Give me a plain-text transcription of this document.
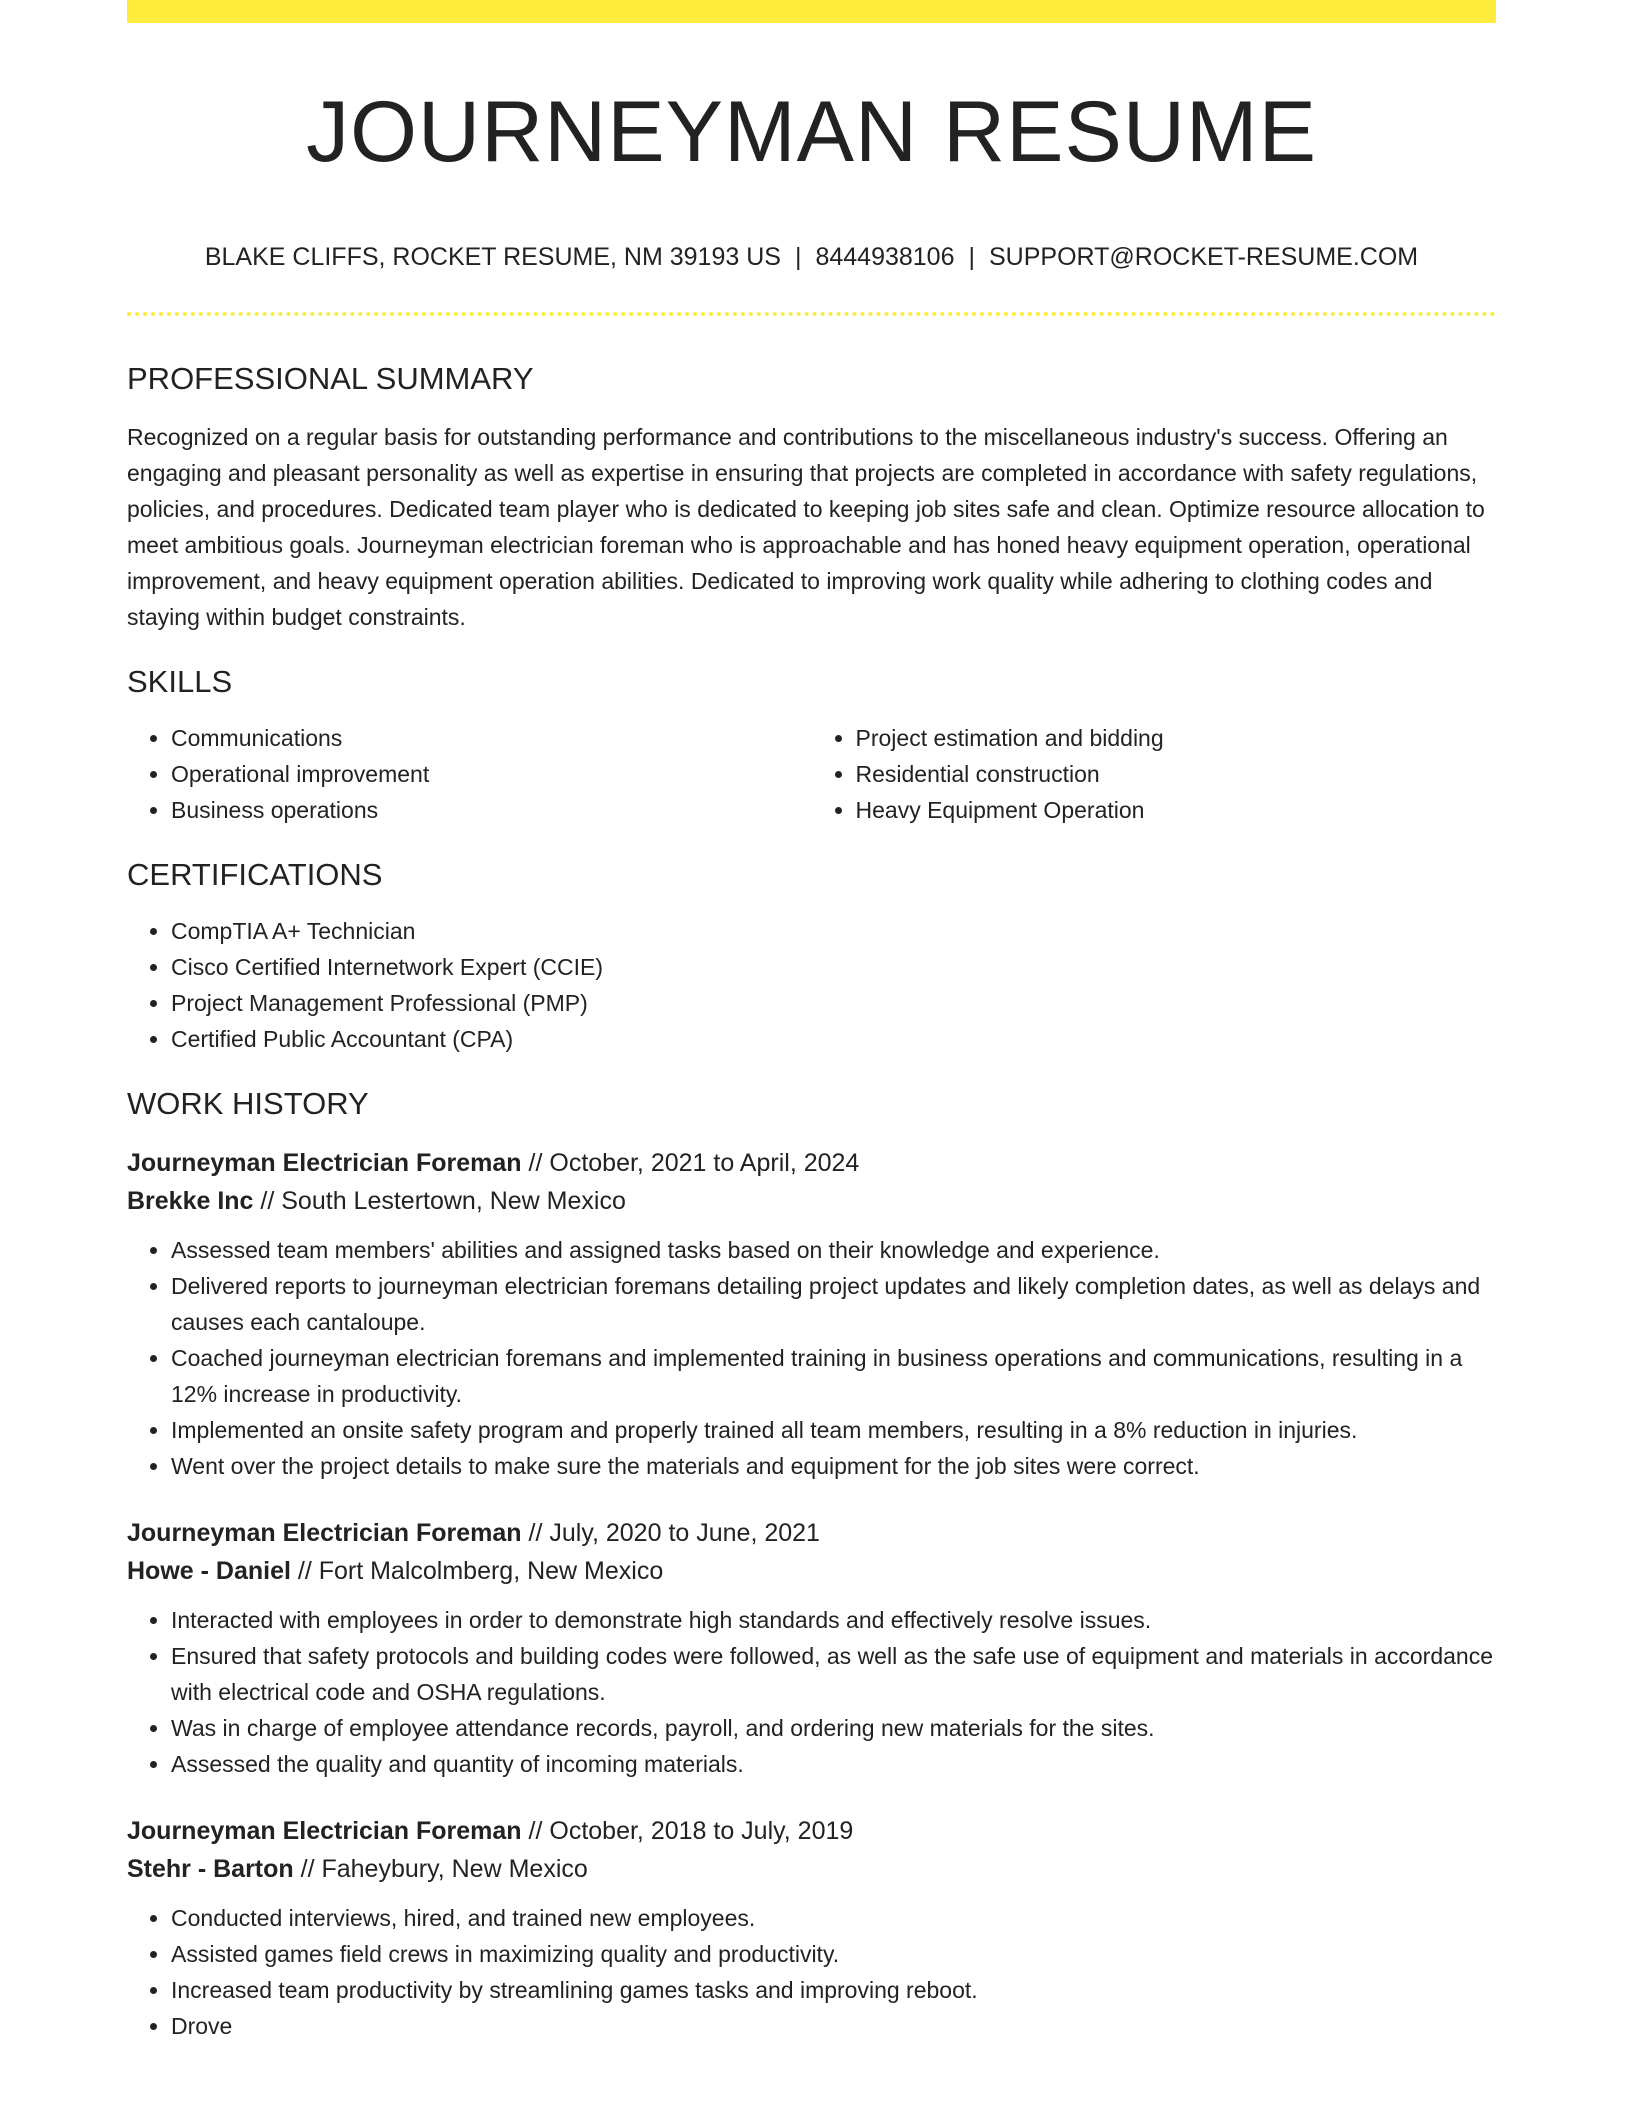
JOURNEYMAN RESUME
BLAKE CLIFFS, ROCKET RESUME, NM 39193 US | 8444938106 | SUPPORT@ROCKET-RESUME.COM
PROFESSIONAL SUMMARY

Recognized on a regular basis for outstanding performance and contributions to the miscellaneous industry's success. Offering an engaging and pleasant personality as well as expertise in ensuring that projects are completed in accordance with safety regulations, policies, and procedures. Dedicated team player who is dedicated to keeping job sites safe and clean. Optimize resource allocation to meet ambitious goals. Journeyman electrician foreman who is approachable and has honed heavy equipment operation, operational improvement, and heavy equipment operation abilities. Dedicated to improving work quality while adhering to clothing codes and staying within budget constraints.

SKILLS
• Communications
• Operational improvement
• Business operations
• Project estimation and bidding
• Residential construction
• Heavy Equipment Operation
CERTIFICATIONS
• CompTIA A+ Technician
• Cisco Certified Internetwork Expert (CCIE)
• Project Management Professional (PMP)
• Certified Public Accountant (CPA)
WORK HISTORY
Journeyman Electrician Foreman // October, 2021 to April, 2024
Brekke Inc // South Lestertown, New Mexico
• Assessed team members' abilities and assigned tasks based on their knowledge and experience.
• Delivered reports to journeyman electrician foremans detailing project updates and likely completion dates, as well as delays and causes each cantaloupe.
• Coached journeyman electrician foremans and implemented training in business operations and communications, resulting in a 12% increase in productivity.
• Implemented an onsite safety program and properly trained all team members, resulting in a 8% reduction in injuries.
• Went over the project details to make sure the materials and equipment for the job sites were correct.
Journeyman Electrician Foreman // July, 2020 to June, 2021
Howe - Daniel // Fort Malcolmberg, New Mexico
• Interacted with employees in order to demonstrate high standards and effectively resolve issues.
• Ensured that safety protocols and building codes were followed, as well as the safe use of equipment and materials in accordance with electrical code and OSHA regulations.
• Was in charge of employee attendance records, payroll, and ordering new materials for the sites.
• Assessed the quality and quantity of incoming materials.
Journeyman Electrician Foreman // October, 2018 to July, 2019
Stehr - Barton // Faheybury, New Mexico
• Conducted interviews, hired, and trained new employees.
• Assisted games field crews in maximizing quality and productivity.
• Increased team productivity by streamlining games tasks and improving reboot.
• Drove
